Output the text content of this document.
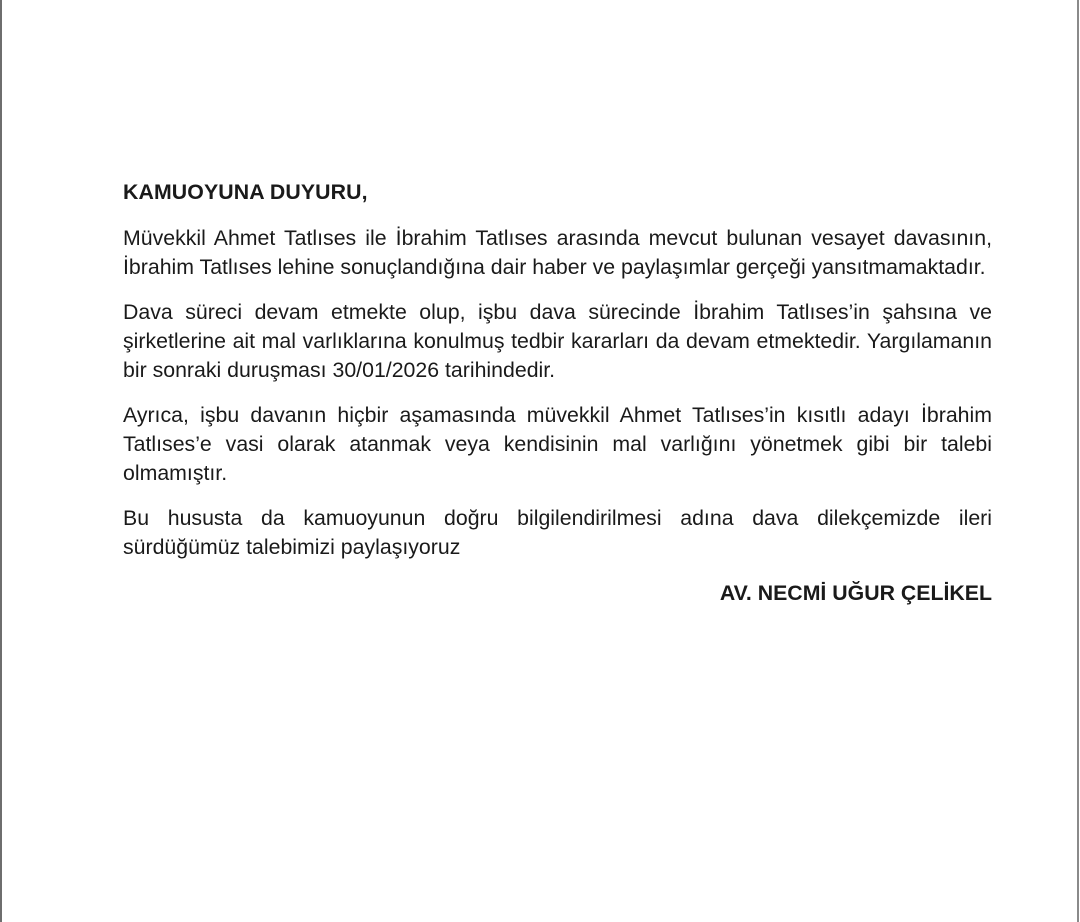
KAMUOYUNA DUYURU,

Müvekkil Ahmet Tatlıses ile İbrahim Tatlıses arasında mevcut bulunan vesayet davasının, İbrahim Tatlıses lehine sonuçlandığına dair haber ve paylaşımlar gerçeği yansıtmamaktadır.

Dava süreci devam etmekte olup, işbu dava sürecinde İbrahim Tatlıses’in şahsına ve şirketlerine ait mal varlıklarına konulmuş tedbir kararları da devam etmektedir. Yargılamanın bir sonraki duruşması 30/01/2026 tarihindedir.

Ayrıca, işbu davanın hiçbir aşamasında müvekkil Ahmet Tatlıses’in kısıtlı adayı İbrahim Tatlıses’e vasi olarak atanmak veya kendisinin mal varlığını yönetmek gibi bir talebi olmamıştır.

Bu hususta da kamuoyunun doğru bilgilendirilmesi adına dava dilekçemizde ileri sürdüğümüz talebimizi paylaşıyoruz

AV. NECMİ UĞUR ÇELİKEL
